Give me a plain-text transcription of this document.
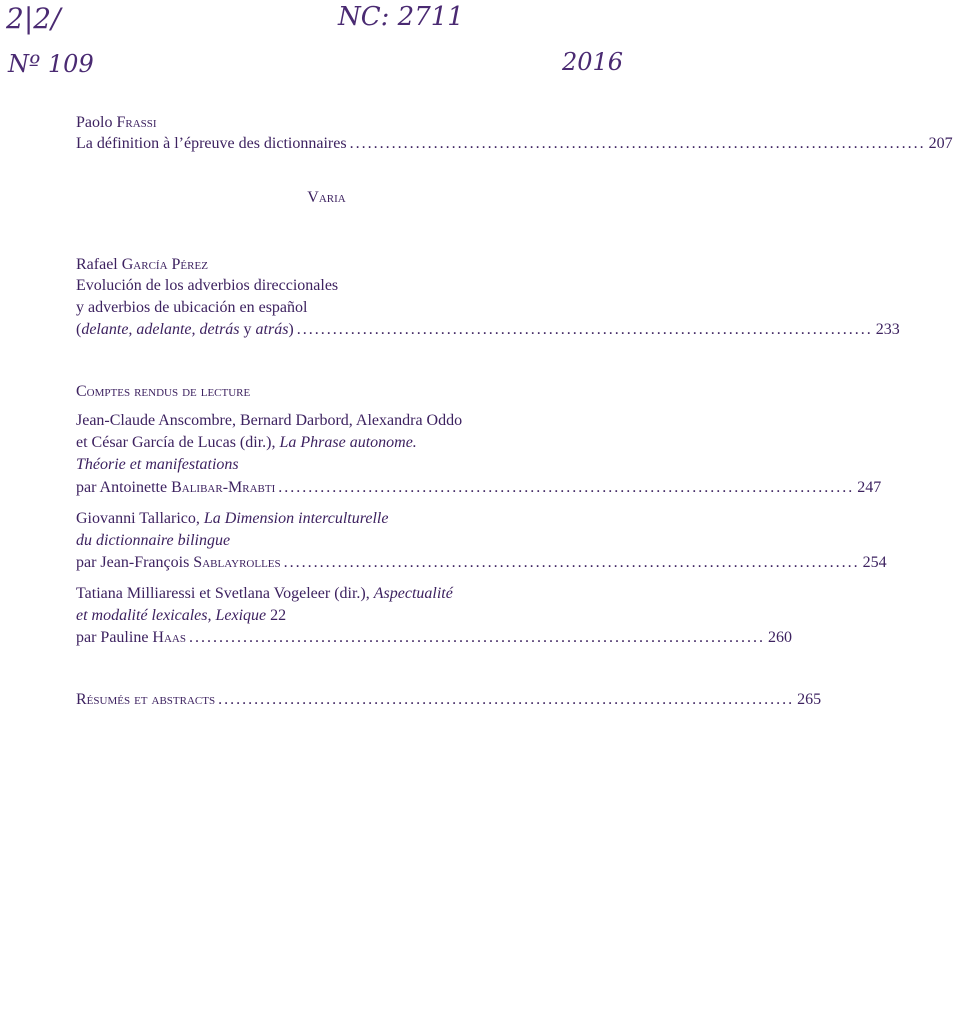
2|2/
Nº 109
NC: 2711
2016
Paolo Frassi
La définition à l’épreuve des dictionnaires ................................................................................................ 207
Varia
Rafael García Pérez
Evolución de los adverbios direccionales
y adverbios de ubicación en español
(delante, adelante, detrás y atrás) ................................................................................................ 233
Comptes rendus de lecture
Jean-Claude Anscombre, Bernard Darbord, Alexandra Oddo
et César García de Lucas (dir.), La Phrase autonome.
Théorie et manifestations
par Antoinette Balibar-Mrabti ................................................................................................ 247
Giovanni Tallarico, La Dimension interculturelle
du dictionnaire bilingue
par Jean-François Sablayrolles ................................................................................................ 254
Tatiana Milliaressi et Svetlana Vogeleer (dir.), Aspectualité
et modalité lexicales, Lexique 22
par Pauline Haas ................................................................................................ 260
Résumés et abstracts ................................................................................................ 265
